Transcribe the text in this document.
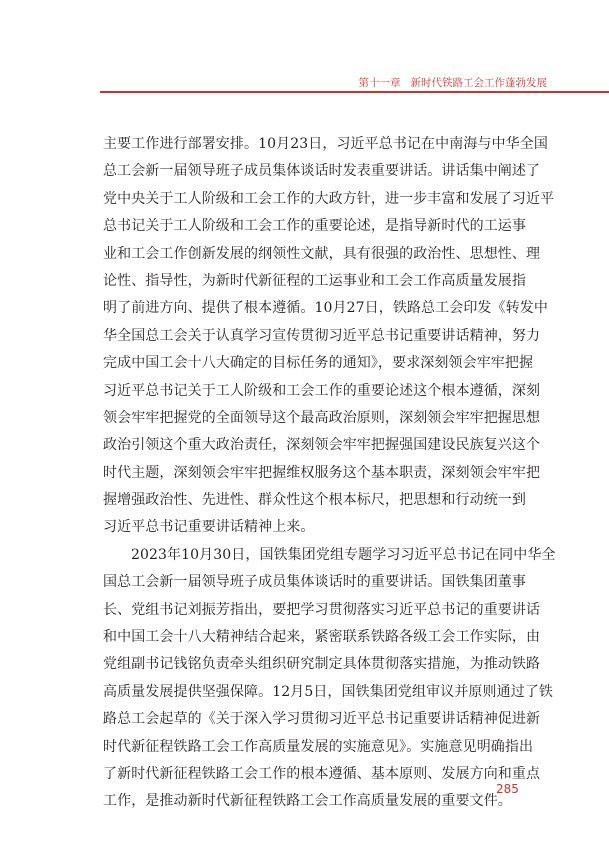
第十一章 新时代铁路工会工作蓬勃发展
主要工作进行部署安排。10月23日，习近平总书记在中南海与中华全国
总工会新一届领导班子成员集体谈话时发表重要讲话。讲话集中阐述了
党中央关于工人阶级和工会工作的大政方针，进一步丰富和发展了习近平
总书记关于工人阶级和工会工作的重要论述，是指导新时代的工运事
业和工会工作创新发展的纲领性文献，具有很强的政治性、思想性、理
论性、指导性，为新时代新征程的工运事业和工会工作高质量发展指
明了前进方向、提供了根本遵循。10月27日，铁路总工会印发《转发中
华全国总工会关于认真学习宣传贯彻习近平总书记重要讲话精神，努力
完成中国工会十八大确定的目标任务的通知》，要求深刻领会牢牢把握
习近平总书记关于工人阶级和工会工作的重要论述这个根本遵循，深刻
领会牢牢把握党的全面领导这个最高政治原则，深刻领会牢牢把握思想
政治引领这个重大政治责任，深刻领会牢牢把握强国建设民族复兴这个
时代主题，深刻领会牢牢把握维权服务这个基本职责，深刻领会牢牢把
握增强政治性、先进性、群众性这个根本标尺，把思想和行动统一到
习近平总书记重要讲话精神上来。
2023年10月30日，国铁集团党组专题学习习近平总书记在同中华全
国总工会新一届领导班子成员集体谈话时的重要讲话。国铁集团董事
长、党组书记刘振芳指出，要把学习贯彻落实习近平总书记的重要讲话
和中国工会十八大精神结合起来，紧密联系铁路各级工会工作实际，由
党组副书记钱铭负责牵头组织研究制定具体贯彻落实措施，为推动铁路
高质量发展提供坚强保障。12月5日，国铁集团党组审议并原则通过了铁
路总工会起草的《关于深入学习贯彻习近平总书记重要讲话精神促进新
时代新征程铁路工会工作高质量发展的实施意见》。实施意见明确指出
了新时代新征程铁路工会工作的根本遵循、基本原则、发展方向和重点
工作，是推动新时代新征程铁路工会工作高质量发展的重要文件。
285
